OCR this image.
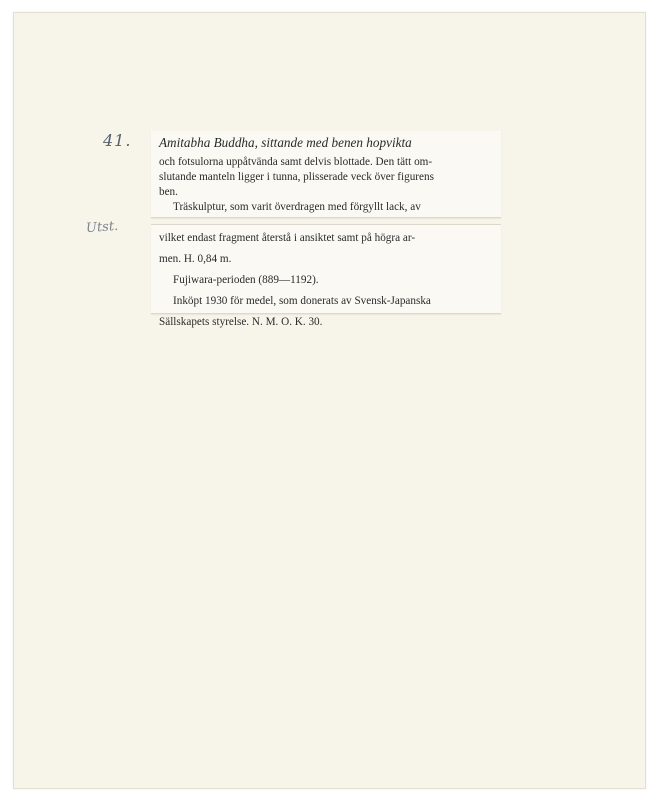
41.
Utst.

Amitabha Buddha, sittande med benen hopvikta

och fotsulorna uppåtvända samt delvis blottade. Den tätt om-

slutande manteln ligger i tunna, plisserade veck över figurens

ben.

Träskulptur, som varit överdragen med förgyllt lack, av

vilket endast fragment återstå i ansiktet samt på högra ar-

men. H. 0,84 m.

Fujiwara-perioden (889—1192).

Inköpt 1930 för medel, som donerats av Svensk-Japanska

Sällskapets styrelse. N. M. O. K. 30.
